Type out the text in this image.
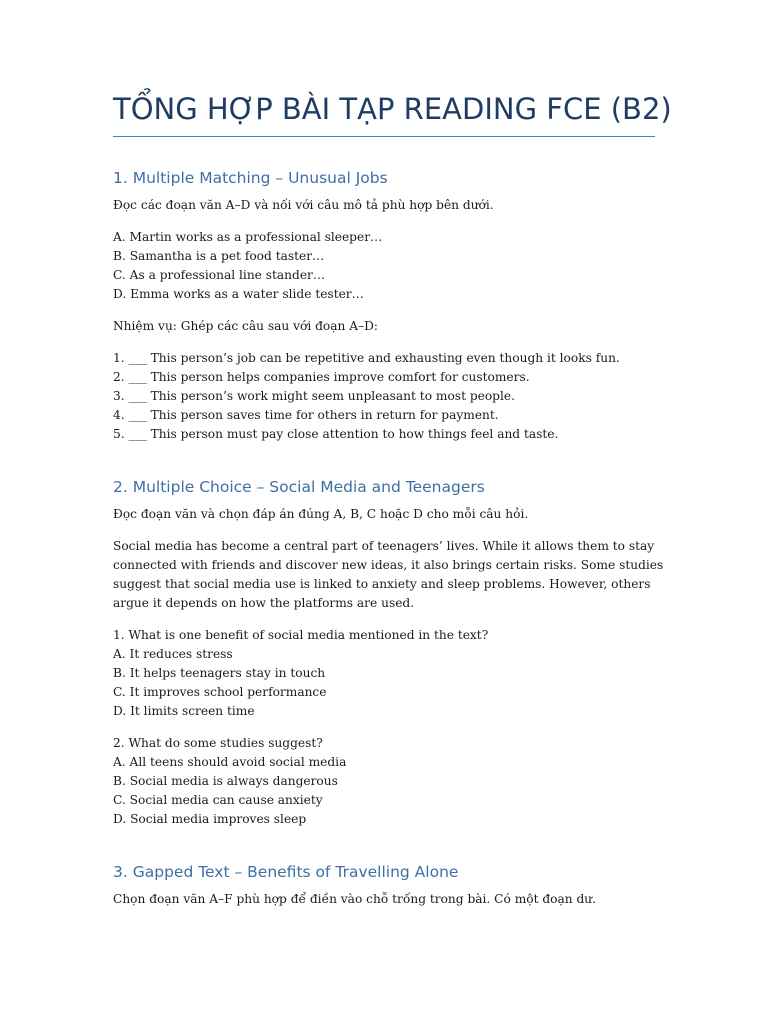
TỔNG HỢP BÀI TẠP READING FCE (B2)
1. Multiple Matching – Unusual Jobs

Đọc các đoạn văn A–D và nối với câu mô tả phù hợp bên dưới.

A. Martin works as a professional sleeper…
B. Samantha is a pet food taster…
C. As a professional line stander…
D. Emma works as a water slide tester…

Nhiệm vụ: Ghép các câu sau với đoạn A–D:

1. ___ This person’s job can be repetitive and exhausting even though it looks fun.
2. ___ This person helps companies improve comfort for customers.
3. ___ This person’s work might seem unpleasant to most people.
4. ___ This person saves time for others in return for payment.
5. ___ This person must pay close attention to how things feel and taste.
2. Multiple Choice – Social Media and Teenagers

Đọc đoạn văn và chọn đáp án đúng A, B, C hoặc D cho mỗi câu hỏi.

Social media has become a central part of teenagers’ lives. While it allows them to stay
connected with friends and discover new ideas, it also brings certain risks. Some studies
suggest that social media use is linked to anxiety and sleep problems. However, others
argue it depends on how the platforms are used.
1. What is one benefit of social media mentioned in the text?
A. It reduces stress
B. It helps teenagers stay in touch
C. It improves school performance
D. It limits screen time
2. What do some studies suggest?
A. All teens should avoid social media
B. Social media is always dangerous
C. Social media can cause anxiety
D. Social media improves sleep
3. Gapped Text – Benefits of Travelling Alone

Chọn đoạn văn A–F phù hợp để điền vào chỗ trống trong bài. Có một đoạn dư.
